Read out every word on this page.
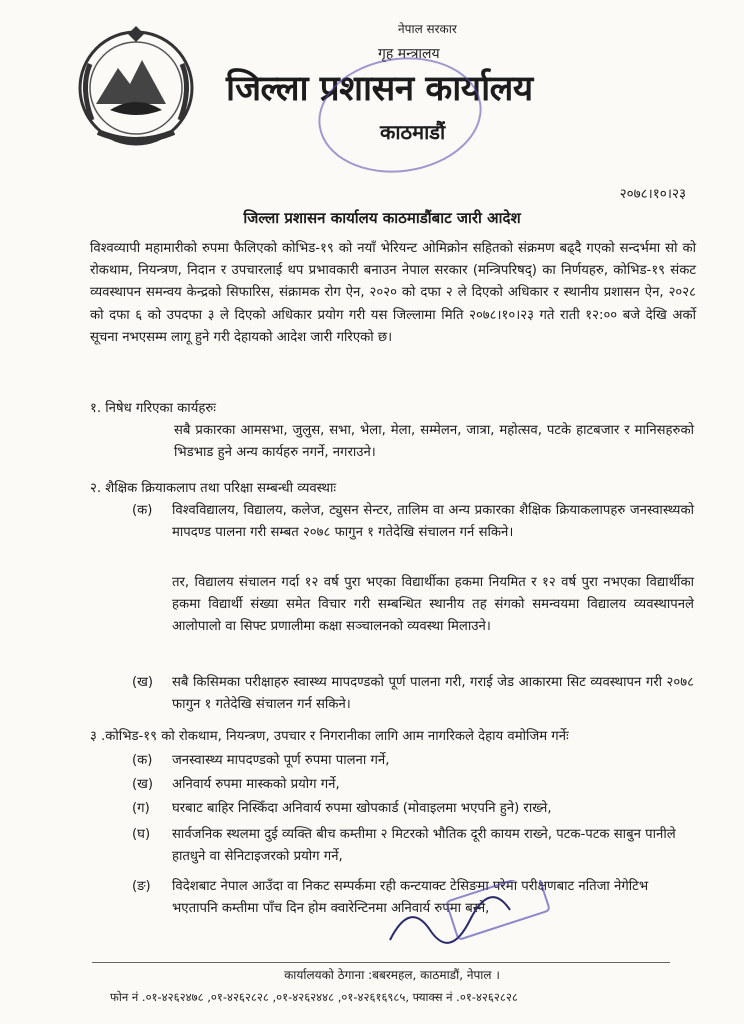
नेपाल सरकार
गृह मन्त्रालय
जिल्ला प्रशासन कार्यालय
काठमाडौं
२०७८।१०।२३
जिल्ला प्रशासन कार्यालय काठमाडौंबाट जारी आदेश
विश्वव्यापी महामारीको रुपमा फैलिएको कोभिड-१९ को नयाँ भेरियन्ट ओमिक्रोन सहितको संक्रमण बढ्दै गएको सन्दर्भमा सो को रोकथाम, नियन्त्रण, निदान र उपचारलाई थप प्रभावकारी बनाउन नेपाल सरकार (मन्त्रिपरिषद्) का निर्णयहरु, कोभिड-१९ संकट व्यवस्थापन समन्वय केन्द्रको सिफारिस, संक्रामक रोग ऐन, २०२० को दफा २ ले दिएको अधिकार र स्थानीय प्रशासन ऐन, २०२८ को दफा ६ को उपदफा ३ ले दिएको अधिकार प्रयोग गरी यस जिल्लामा मिति २०७८।१०।२३ गते राती १२:०० बजे देखि अर्को सूचना नभएसम्म लागू हुने गरी देहायको आदेश जारी गरिएको छ।
१. निषेध गरिएका कार्यहरुः
सबै प्रकारका आमसभा, जुलुस, सभा, भेला, मेला, सम्मेलन, जात्रा, महोत्सव, पटके हाटबजार र मानिसहरुको भिडभाड हुने अन्य कार्यहरु नगर्ने, नगराउने।
२. शैक्षिक क्रियाकलाप तथा परिक्षा सम्बन्धी व्यवस्थाः
(क) विश्वविद्यालय, विद्यालय, कलेज, ट्युसन सेन्टर, तालिम वा अन्य प्रकारका शैक्षिक क्रियाकलापहरु जनस्वास्थ्यको मापदण्ड पालना गरी सम्बत २०७८ फागुन १ गतेदेखि संचालन गर्न सकिने।
तर, विद्यालय संचालन गर्दा १२ वर्ष पुरा भएका विद्यार्थीका हकमा नियमित र १२ वर्ष पुरा नभएका विद्यार्थीका हकमा विद्यार्थी संख्या समेत विचार गरी सम्बन्धित स्थानीय तह संगको समन्वयमा विद्यालय व्यवस्थापनले आलोपालो वा सिफ्ट प्रणालीमा कक्षा सञ्चालनको व्यवस्था मिलाउने।
(ख) सबै किसिमका परीक्षाहरु स्वास्थ्य मापदण्डको पूर्ण पालना गरी, गराई जेड आकारमा सिट व्यवस्थापन गरी २०७८ फागुन १ गतेदेखि संचालन गर्न सकिने।
३ .कोभिड-१९ को रोकथाम, नियन्त्रण, उपचार र निगरानीका लागि आम नागरिकले देहाय वमोजिम गर्नेः
(क) जनस्वास्थ्य मापदण्डको पूर्ण रुपमा पालना गर्ने,
(ख) अनिवार्य रुपमा मास्कको प्रयोग गर्ने,
(ग) घरबाट बाहिर निस्किँदा अनिवार्य रुपमा खोपकार्ड (मोवाइलमा भएपनि हुने) राख्ने,
(घ) सार्वजनिक स्थलमा दुई व्यक्ति बीच कम्तीमा २ मिटरको भौतिक दूरी कायम राख्ने, पटक-पटक साबुन पानीले हातधुने वा सेनिटाइजरको प्रयोग गर्ने,
(ङ) विदेशबाट नेपाल आउँदा वा निकट सम्पर्कमा रही कन्टयाक्ट टेसिङमा परेमा परीक्षणबाट नतिजा नेगेटिभ भएतापनि कम्तीमा पाँच दिन होम क्वारेन्टिनमा अनिवार्य रुपमा बस्ने,
कार्यालयको ठेगाना :बबरमहल, काठमाडौं, नेपाल ।
फोन नं .०१-४२६२४७८ ,०१-४२६२८२८ ,०१-४२६२४४८ ,०१-४२६१६९८५, फ्याक्स नं .०१-४२६२८२८
